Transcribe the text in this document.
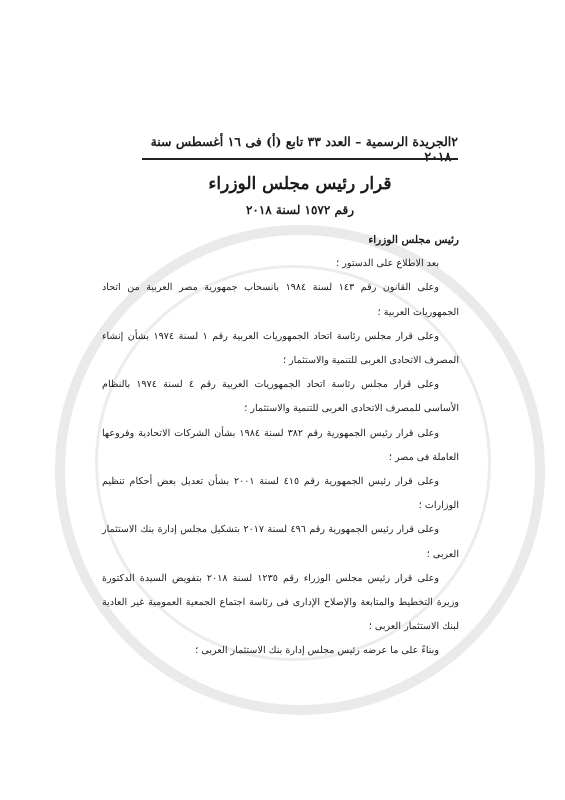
٢
الجريدة الرسمية – العدد ٣٣ تابع (أ) فى ١٦ أغسطس سنة ٢٠١٨
قرار رئيس مجلس الوزراء
رقم ١٥٧٢ لسنة ٢٠١٨

رئيس مجلس الوزراء

بعد الاطلاع على الدستور ؛

وعلى القانون رقم ١٤٣ لسنة ١٩٨٤ بانسحاب جمهورية مصر العربية من اتحاد الجمهوريات العربية ؛

وعلى قرار مجلس رئاسة اتحاد الجمهوريات العربية رقم ١ لسنة ١٩٧٤ بشأن إنشاء المصرف الاتحادى العربى للتنمية والاستثمار ؛

وعلى قرار مجلس رئاسة اتحاد الجمهوريات العربية رقم ٤ لسنة ١٩٧٤ بالنظام الأساسى للمصرف الاتحادى العربى للتنمية والاستثمار ؛

وعلى قرار رئيس الجمهورية رقم ٣٨٢ لسنة ١٩٨٤ بشأن الشركات الاتحادية وفروعها العاملة فى مصر ؛

وعلى قرار رئيس الجمهورية رقم ٤١٥ لسنة ٢٠٠١ بشأن تعديل بعض أحكام تنظيم الوزارات ؛

وعلى قرار رئيس الجمهورية رقم ٤٩٦ لسنة ٢٠١٧ بتشكيل مجلس إدارة بنك الاستثمار العربى ؛

وعلى قرار رئيس مجلس الوزراء رقم ١٢٣٥ لسنة ٢٠١٨ بتفويض السيدة الدكتورة وزيرة التخطيط والمتابعة والإصلاح الإدارى فى رئاسة اجتماع الجمعية العمومية غير العادية لبنك الاستثمار العربى ؛

وبناءً على ما عرضه رئيس مجلس إدارة بنك الاستثمار العربى ؛
